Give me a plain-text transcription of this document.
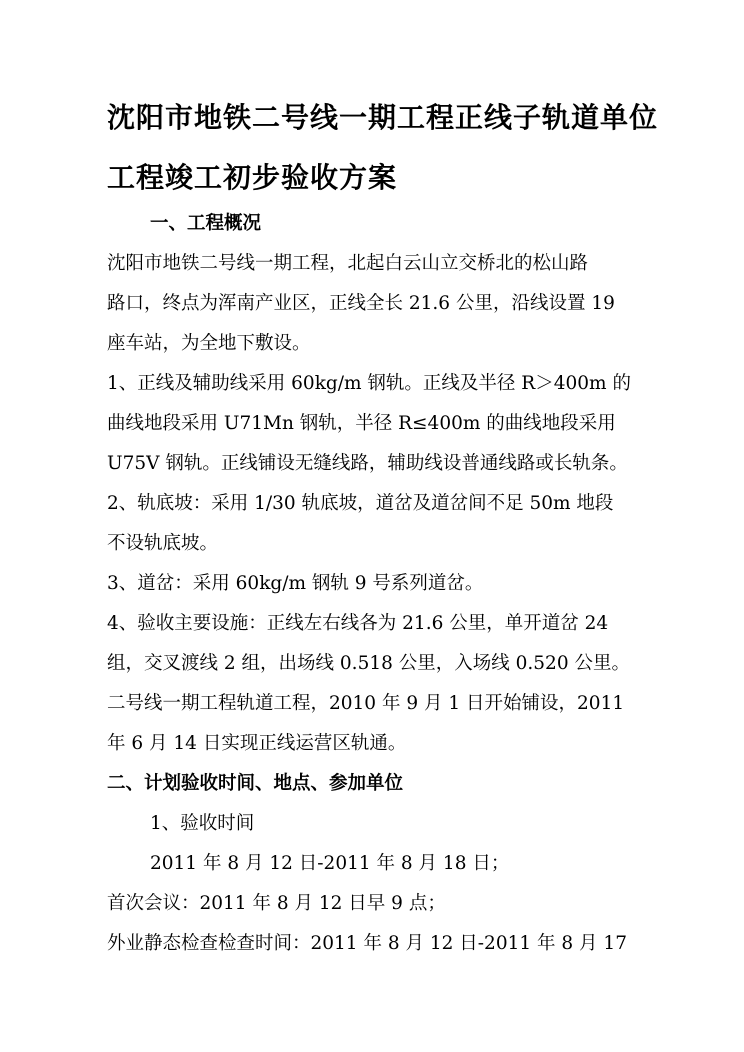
沈阳市地铁二号线一期工程正线子轨道单位
工程竣工初步验收方案
一、工程概况
沈阳市地铁二号线一期工程，北起白云山立交桥北的松山路
路口，终点为浑南产业区，正线全长 21.6 公里，沿线设置 19
座车站，为全地下敷设。
1、正线及辅助线采用 60kg/m 钢轨。正线及半径 R＞400m 的
曲线地段采用 U71Mn 钢轨，半径 R≤400m 的曲线地段采用
U75V 钢轨。正线铺设无缝线路，辅助线设普通线路或长轨条。
2、轨底坡：采用 1/30 轨底坡，道岔及道岔间不足 50m 地段
不设轨底坡。
3、道岔：采用 60kg/m 钢轨 9 号系列道岔。
4、验收主要设施：正线左右线各为 21.6 公里，单开道岔 24
组，交叉渡线 2 组，出场线 0.518 公里，入场线 0.520 公里。
二号线一期工程轨道工程，2010 年 9 月 1 日开始铺设，2011
年 6 月 14 日实现正线运营区轨通。
二、计划验收时间、地点、参加单位
1、验收时间
2011 年 8 月 12 日-2011 年 8 月 18 日；
首次会议：2011 年 8 月 12 日早 9 点；
外业静态检查检查时间：2011 年 8 月 12 日-2011 年 8 月 17
